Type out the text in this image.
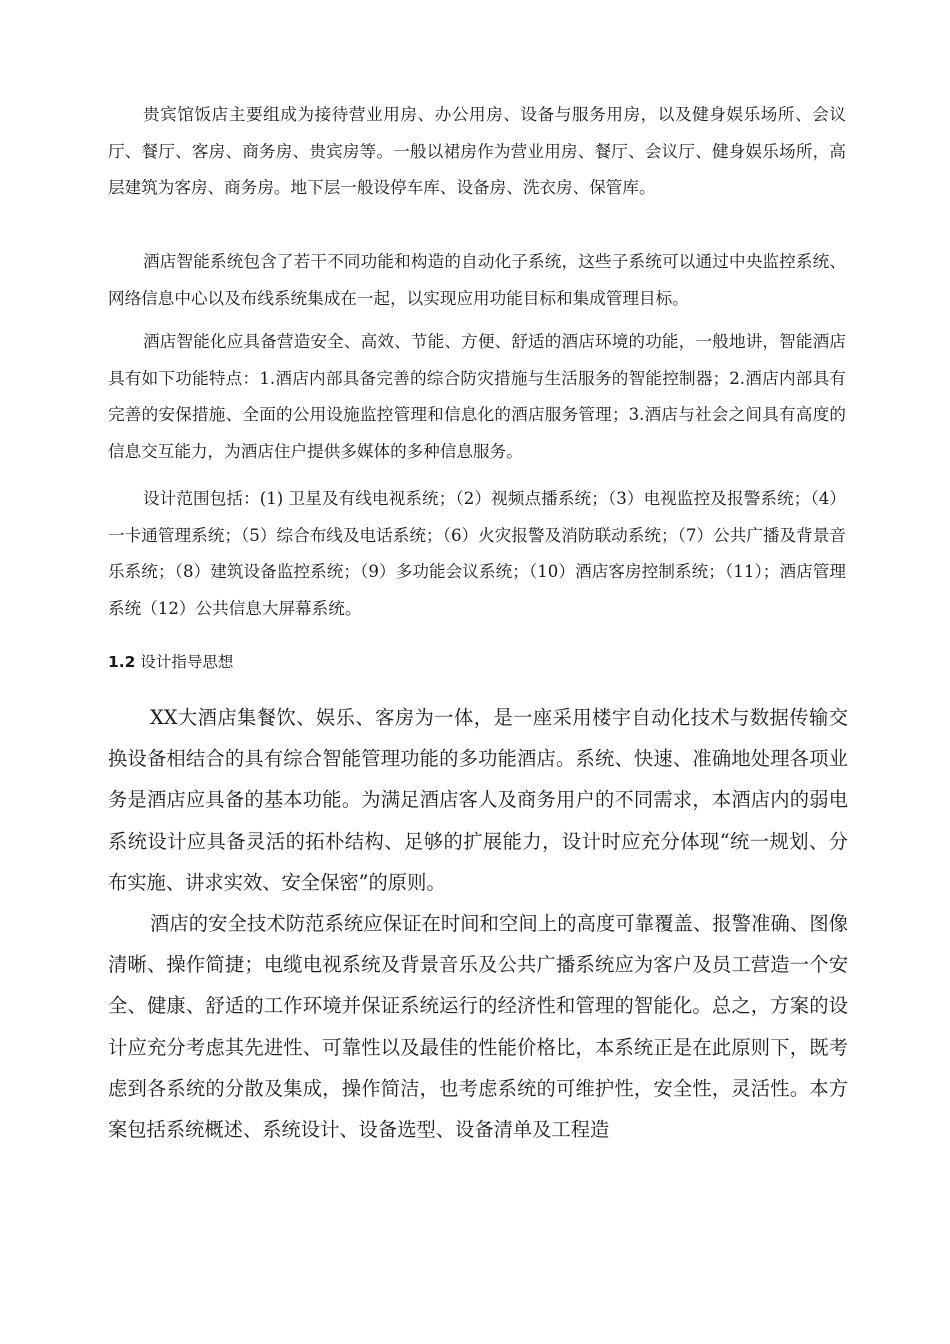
贵宾馆饭店主要组成为接待营业用房、办公用房、设备与服务用房，以及健身娱乐场所、会议厅、餐厅、客房、商务房、贵宾房等。一般以裙房作为营业用房、餐厅、会议厅、健身娱乐场所，高层建筑为客房、商务房。地下层一般设停车库、设备房、洗衣房、保管库。

酒店智能系统包含了若干不同功能和构造的自动化子系统，这些子系统可以通过中央监控系统、网络信息中心以及布线系统集成在一起，以实现应用功能目标和集成管理目标。

酒店智能化应具备营造安全、高效、节能、方便、舒适的酒店环境的功能，一般地讲，智能酒店具有如下功能特点：1.酒店内部具备完善的综合防灾措施与生活服务的智能控制器；2.酒店内部具有完善的安保措施、全面的公用设施监控管理和信息化的酒店服务管理；3.酒店与社会之间具有高度的信息交互能力，为酒店住户提供多媒体的多种信息服务。

设计范围包括：(1) 卫星及有线电视系统；（2）视频点播系统；（3）电视监控及报警系统；（4）一卡通管理系统；（5）综合布线及电话系统；（6）火灾报警及消防联动系统；（7）公共广播及背景音乐系统；（8）建筑设备监控系统；（9）多功能会议系统；（10）酒店客房控制系统；（11）；酒店管理系统（12）公共信息大屏幕系统。

1.2 设计指导思想

XX大酒店集餐饮、娱乐、客房为一体，是一座采用楼宇自动化技术与数据传输交换设备相结合的具有综合智能管理功能的多功能酒店。系统、快速、准确地处理各项业务是酒店应具备的基本功能。为满足酒店客人及商务用户的不同需求，本酒店内的弱电系统设计应具备灵活的拓朴结构、足够的扩展能力，设计时应充分体现“统一规划、分布实施、讲求实效、安全保密”的原则。

酒店的安全技术防范系统应保证在时间和空间上的高度可靠覆盖、报警准确、图像清晰、操作简捷；电缆电视系统及背景音乐及公共广播系统应为客户及员工营造一个安全、健康、舒适的工作环境并保证系统运行的经济性和管理的智能化。总之，方案的设计应充分考虑其先进性、可靠性以及最佳的性能价格比，本系统正是在此原则下，既考虑到各系统的分散及集成，操作简洁，也考虑系统的可维护性，安全性，灵活性。本方案包括系统概述、系统设计、设备选型、设备清单及工程造
